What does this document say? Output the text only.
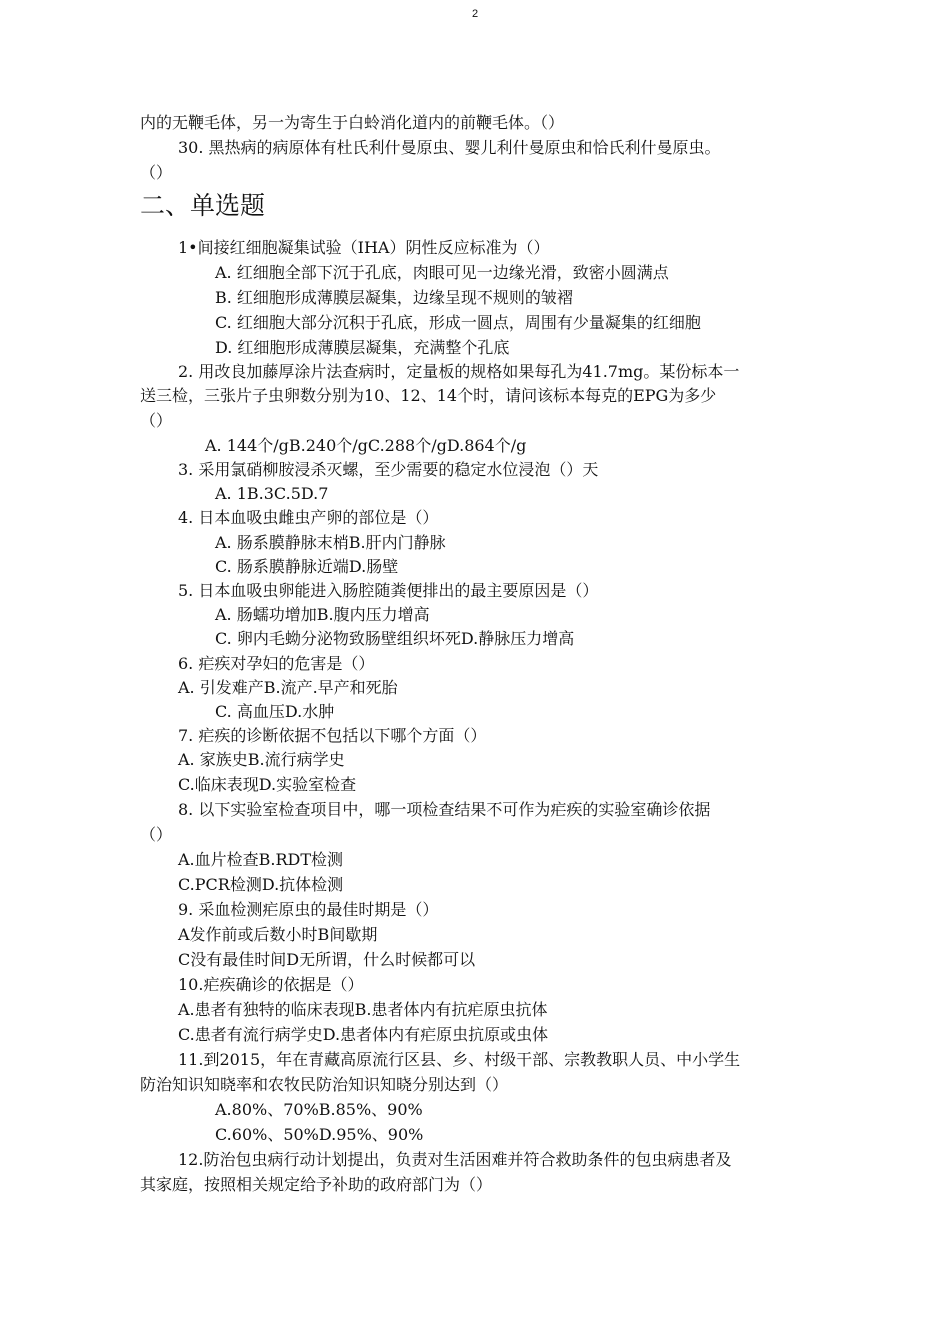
2
内的无鞭毛体，另一为寄生于白蛉消化道内的前鞭毛体。（）
30. 黑热病的病原体有杜氏利什曼原虫、婴儿利什曼原虫和恰氏利什曼原虫。
（）
二、单选题
1•间接红细胞凝集试验（IHA）阴性反应标准为（）
A. 红细胞全部下沉于孔底，肉眼可见一边缘光滑，致密小圆满点
B. 红细胞形成薄膜层凝集，边缘呈现不规则的皱褶
C. 红细胞大部分沉积于孔底，形成一圆点，周围有少量凝集的红细胞
D. 红细胞形成薄膜层凝集，充满整个孔底
2. 用改良加藤厚涂片法查病时，定量板的规格如果每孔为41.7mg。某份标本一
送三检，三张片子虫卵数分别为10、12、14个时，请问该标本每克的EPG为多少
（）
A. 144个/gB.240个/gC.288个/gD.864个/g
3. 采用氯硝柳胺浸杀灭螺，至少需要的稳定水位浸泡（）天
A. 1B.3C.5D.7
4. 日本血吸虫雌虫产卵的部位是（）
A. 肠系膜静脉末梢B.肝内门静脉
C. 肠系膜静脉近端D.肠壁
5. 日本血吸虫卵能进入肠腔随粪便排出的最主要原因是（）
A. 肠蠕功增加B.腹内压力增高
C. 卵内毛蚴分泌物致肠壁组织坏死D.静脉压力增高
6. 疟疾对孕妇的危害是（）
A. 引发难产B.流产.早产和死胎
C. 高血压D.水肿
7. 疟疾的诊断依据不包括以下哪个方面（）
A. 家族史B.流行病学史
C.临床表现D.实验室检查
8. 以下实验室检查项目中，哪一项检查结果不可作为疟疾的实验室确诊依据
（）
A.血片检查B.RDT检测
C.PCR检测D.抗体检测
9. 采血检测疟原虫的最佳时期是（）
A发作前或后数小时B间歇期
C没有最佳时间D无所谓，什么时候都可以
10.疟疾确诊的依据是（）
A.患者有独特的临床表现B.患者体内有抗疟原虫抗体
C.患者有流行病学史D.患者体内有疟原虫抗原或虫体
11.到2015，年在青藏高原流行区县、乡、村级干部、宗教教职人员、中小学生
防治知识知晓率和农牧民防治知识知晓分别达到（）
A.80%、70%B.85%、90%
C.60%、50%D.95%、90%
12.防治包虫病行动计划提出，负责对生活困难并符合救助条件的包虫病患者及
其家庭，按照相关规定给予补助的政府部门为（）
